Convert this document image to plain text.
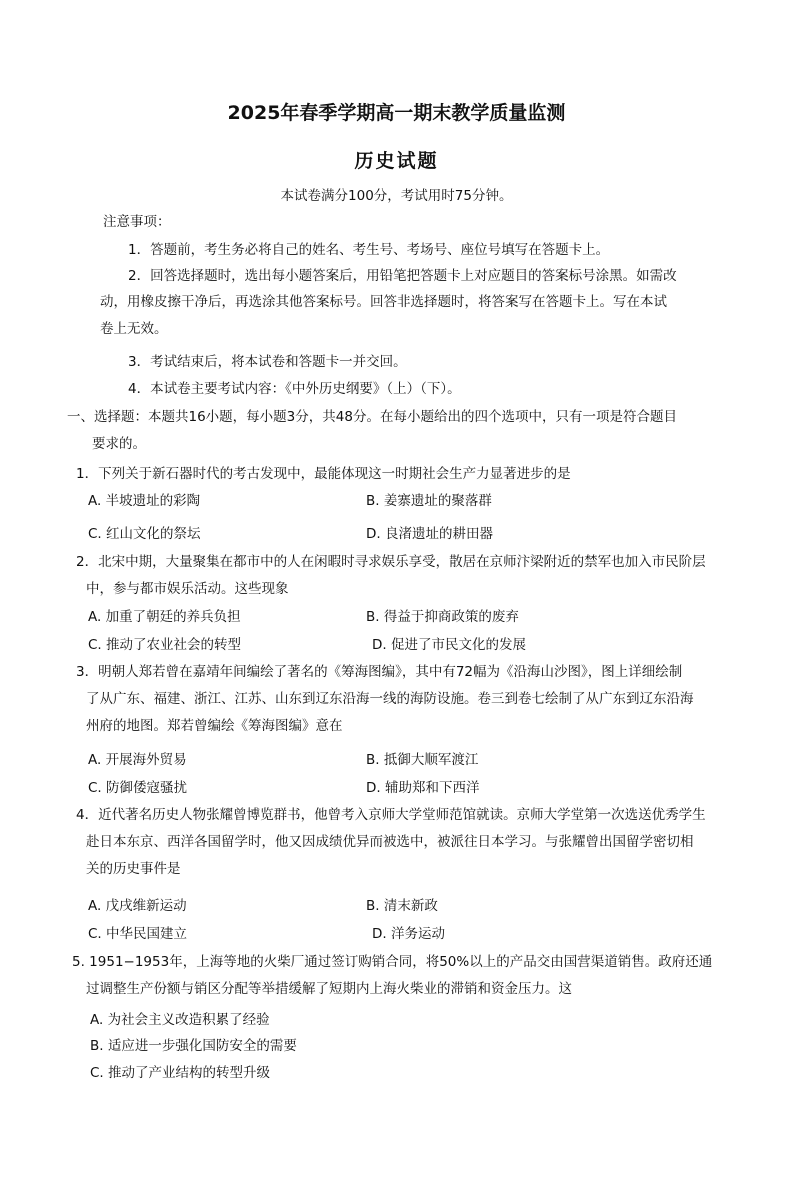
2025年春季学期高一期末教学质量监测
历史试题
本试卷满分100分，考试用时75分钟。
注意事项：
1．答题前，考生务必将自己的姓名、考生号、考场号、座位号填写在答题卡上。
2．回答选择题时，选出每小题答案后，用铅笔把答题卡上对应题目的答案标号涂黑。如需改
动，用橡皮擦干净后，再选涂其他答案标号。回答非选择题时，将答案写在答题卡上。写在本试
卷上无效。
3．考试结束后，将本试卷和答题卡一并交回。
4．本试卷主要考试内容：《中外历史纲要》（上）（下）。
一、选择题：本题共16小题，每小题3分，共48分。在每小题给出的四个选项中，只有一项是符合题目
要求的。
1．下列关于新石器时代的考古发现中，最能体现这一时期社会生产力显著进步的是
A. 半坡遗址的彩陶	B. 姜寨遗址的聚落群
C. 红山文化的祭坛	D. 良渚遗址的耕田器
2．北宋中期，大量聚集在都市中的人在闲暇时寻求娱乐享受，散居在京师汴梁附近的禁军也加入市民阶层
中，参与都市娱乐活动。这些现象
A. 加重了朝廷的养兵负担	B. 得益于抑商政策的废弃
C. 推动了农业社会的转型	D. 促进了市民文化的发展
3．明朝人郑若曾在嘉靖年间编绘了著名的《筹海图编》，其中有72幅为《沿海山沙图》，图上详细绘制
了从广东、福建、浙江、江苏、山东到辽东沿海一线的海防设施。卷三到卷七绘制了从广东到辽东沿海
州府的地图。郑若曾编绘《筹海图编》意在
A. 开展海外贸易	B. 抵御大顺军渡江
C. 防御倭寇骚扰	D. 辅助郑和下西洋
4．近代著名历史人物张耀曾博览群书，他曾考入京师大学堂师范馆就读。京师大学堂第一次选送优秀学生
赴日本东京、西洋各国留学时，他又因成绩优异而被选中，被派往日本学习。与张耀曾出国留学密切相
关的历史事件是
A. 戊戌维新运动	B. 清末新政
C. 中华民国建立	D. 洋务运动
5. 1951−1953年，上海等地的火柴厂通过签订购销合同，将50%以上的产品交由国营渠道销售。政府还通
过调整生产份额与销区分配等举措缓解了短期内上海火柴业的滞销和资金压力。这
A. 为社会主义改造积累了经验
B. 适应进一步强化国防安全的需要
C. 推动了产业结构的转型升级
